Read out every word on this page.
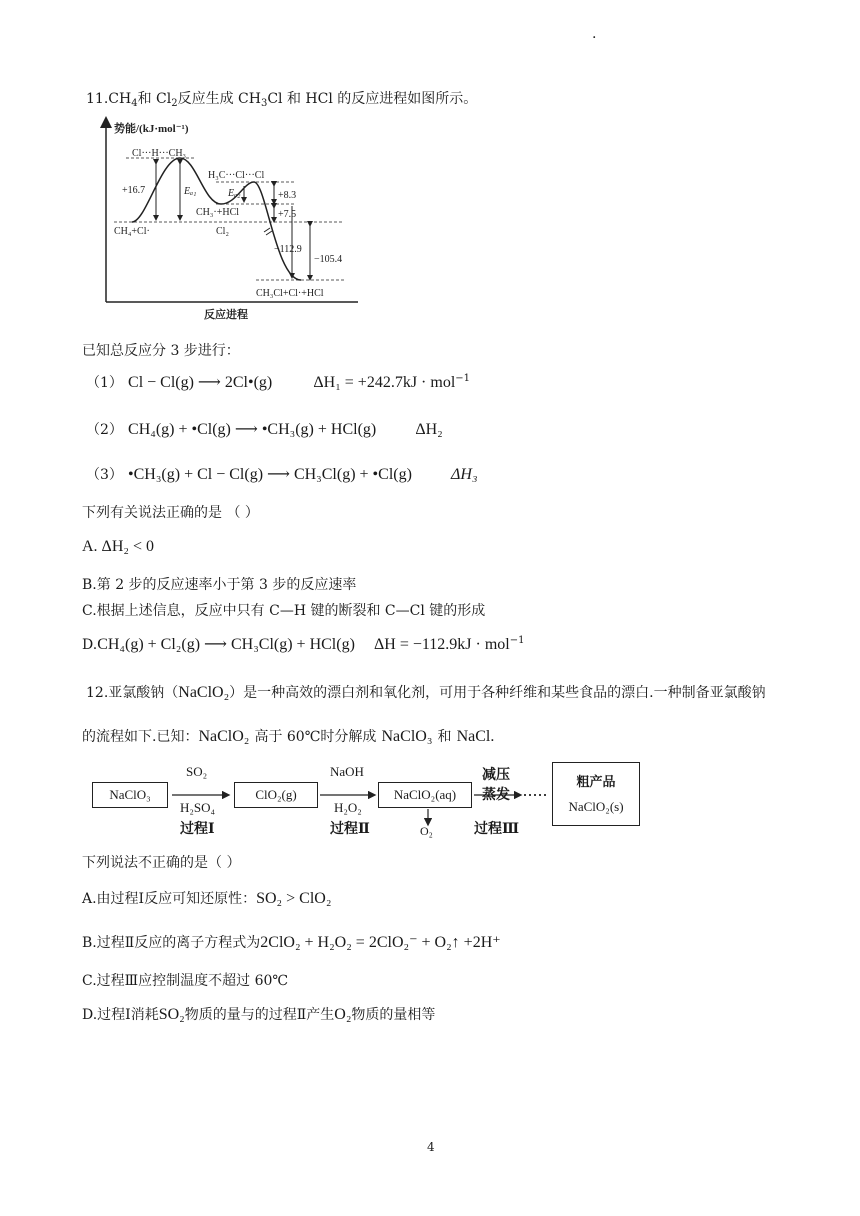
.
$11.CH_4$和 $Cl_2$反应生成 $CH_3Cl$ 和 HCl 的反应进程如图所示。
势能/(kJ·mol⁻¹)
反应进程
Cl···H···CH₃
H₃C···Cl···Cl
+16.7	Eₐ₁	Eₐ₂	+8.3
+7.5
CH₃·+HCl
Cl₂
CH₄+Cl·
−112.9
−105.4
CH₃Cl+Cl·+HCl
已知总反应分 3 步进行：
（1） Cl − Cl(g) ⟶ 2Cl•(g)	ΔH₁ = +242.7kJ · mol$^{-1}$
（2） CH₄(g) + •Cl(g) ⟶ •CH₃(g) + HCl(g) ΔH₂
（3） •CH₃(g) + Cl − Cl(g) ⟶ CH₃Cl(g) + •Cl(g) ΔH₃
下列有关说法正确的是 （ ）
A. ΔH₂ < 0
B.第 2 步的反应速率小于第 3 步的反应速率
C.根据上述信息，反应中只有 C—H 键的断裂和 C—Cl 键的形成
D.CH₄(g) + Cl₂(g) ⟶ CH₃Cl(g) + HCl(g) ΔH = −112.9kJ · mol$^{-1}$
12.亚氯酸钠（NaClO₂）是一种高效的漂白剂和氧化剂，可用于各种纤维和某些食品的漂白.一种制备亚氯酸钠
的流程如下.已知：NaClO₂ 高于 60℃时分解成 NaClO₃ 和 NaCl.
NaClO₃
SO₂
H₂SO₄
过程Ⅰ
ClO₂(g)
NaOH
H₂O₂
过程Ⅱ
NaClO₂(aq)
O₂
减压
蒸发
过程Ⅲ
粗产品
NaClO₂(s)
下列说法不正确的是（ ）
A.由过程Ⅰ反应可知还原性：SO₂ > ClO₂
B.过程Ⅱ反应的离子方程式为2ClO₂ + H₂O₂ = 2ClO₂⁻ + O₂↑ +2H⁺
C.过程Ⅲ应控制温度不超过 60℃
D.过程Ⅰ消耗SO₂物质的量与的过程Ⅱ产生O₂物质的量相等
4
